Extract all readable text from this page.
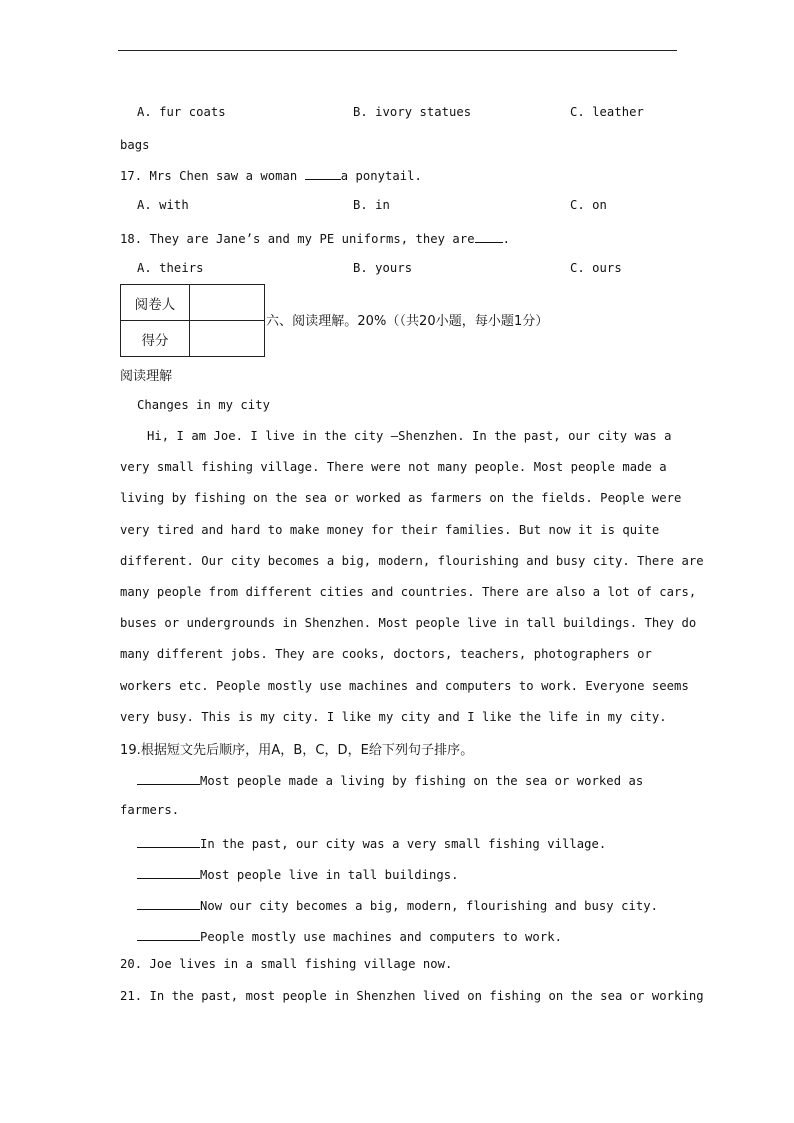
A. fur coats	B. ivory statues	C. leather
bags
17. Mrs Chen saw a woman	a ponytail.
A. with	B. in	C. on
18. They are Jane’s and my PE uniforms, they are .
A. theirs	B. yours	C. ours
阅卷人	
得分	
六、阅读理解。20%（（共20小题，每小题1分）
阅读理解
Changes in my city
Hi, I am Joe. I live in the city —Shenzhen. In the past, our city was a
very small fishing village. There were not many people. Most people made a
living by fishing on the sea or worked as farmers on the fields. People were
very tired and hard to make money for their families. But now it is quite
different. Our city becomes a big, modern, flourishing and busy city. There are
many people from different cities and countries. There are also a lot of cars,
buses or undergrounds in Shenzhen. Most people live in tall buildings. They do
many different jobs. They are cooks, doctors, teachers, photographers or
workers etc. People mostly use machines and computers to work. Everyone seems
very busy. This is my city. I like my city and I like the life in my city.
19.根据短文先后顺序，用A，B，C，D，E给下列句子排序。
Most people made a living by fishing on the sea or worked as
farmers.
In the past, our city was a very small fishing village.
Most people live in tall buildings.
Now our city becomes a big, modern, flourishing and busy city.
People mostly use machines and computers to work.
20. Joe lives in a small fishing village now.
21. In the past, most people in Shenzhen lived on fishing on the sea or working
